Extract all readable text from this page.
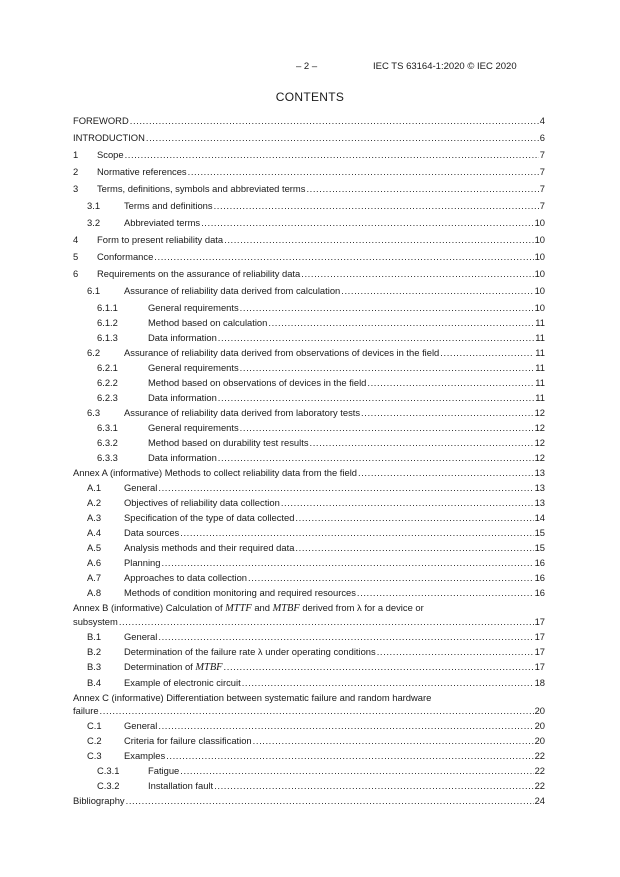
– 2 –	IEC TS 63164-1:2020 © IEC 2020
CONTENTS
FOREWORD .....	4
INTRODUCTION .....	6
1	Scope .....	7
2	Normative references .....	7
3	Terms, definitions, symbols and abbreviated terms .....	7
3.1	Terms and definitions .....	7
3.2	Abbreviated terms .....	10
4	Form to present reliability data .....	10
5	Conformance .....	10
6	Requirements on the assurance of reliability data .....	10
6.1	Assurance of reliability data derived from calculation .....	10
6.1.1	General requirements .....	10
6.1.2	Method based on calculation .....	11
6.1.3	Data information .....	11
6.2	Assurance of reliability data derived from observations of devices in the field .....	11
6.2.1	General requirements .....	11
6.2.2	Method based on observations of devices in the field .....	11
6.2.3	Data information .....	11
6.3	Assurance of reliability data derived from laboratory tests .....	12
6.3.1	General requirements .....	12
6.3.2	Method based on durability test results .....	12
6.3.3	Data information .....	12
Annex A (informative) Methods to collect reliability data from the field .....	13
A.1	General .....	13
A.2	Objectives of reliability data collection .....	13
A.3	Specification of the type of data collected .....	14
A.4	Data sources .....	15
A.5	Analysis methods and their required data .....	15
A.6	Planning .....	16
A.7	Approaches to data collection .....	16
A.8	Methods of condition monitoring and required resources .....	16
Annex B (informative) Calculation of MTTF and MTBF derived from λ for a device or
subsystem .....	17
B.1	General .....	17
B.2	Determination of the failure rate λ under operating conditions .....	17
B.3	Determination of MTBF .....	17
B.4	Example of electronic circuit .....	18
Annex C (informative) Differentiation between systematic failure and random hardware
failure .....	20
C.1	General .....	20
C.2	Criteria for failure classification .....	20
C.3	Examples .....	22
C.3.1	Fatigue .....	22
C.3.2	Installation fault .....	22
Bibliography .....	24
